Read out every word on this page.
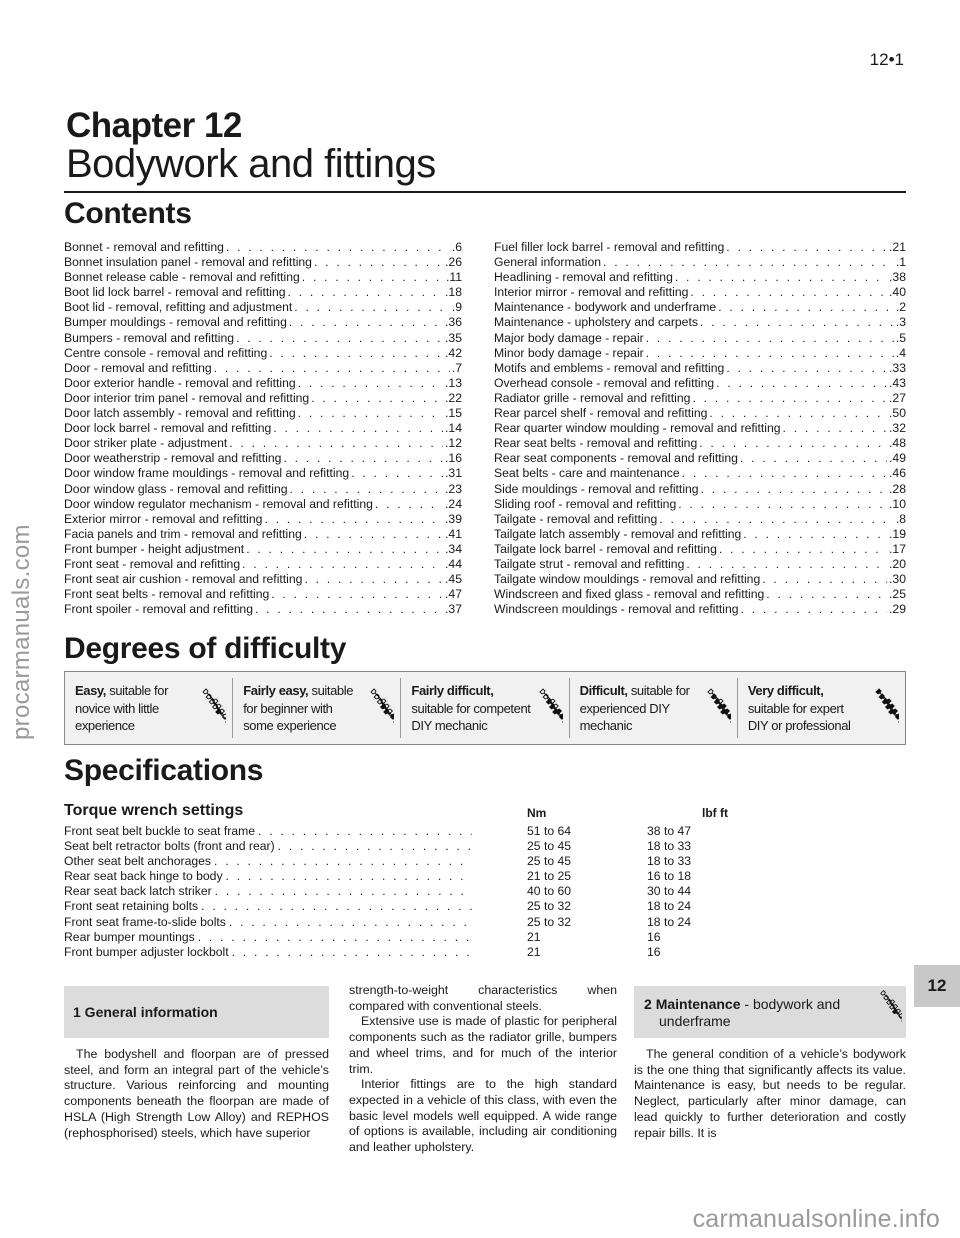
12•1
Chapter 12
Bodywork and fittings
Contents
Bonnet - removal and refitting . . .	.6
Bonnet insulation panel - removal and refitting . . .	.26
Bonnet release cable - removal and refitting . . .	.11
Boot lid lock barrel - removal and refitting . . .	.18
Boot lid - removal, refitting and adjustment . . .	.9
Bumper mouldings - removal and refitting . . .	.36
Bumpers - removal and refitting . . .	.35
Centre console - removal and refitting . . .	.42
Door - removal and refitting . . .	.7
Door exterior handle - removal and refitting . . .	.13
Door interior trim panel - removal and refitting . . .	.22
Door latch assembly - removal and refitting . . .	.15
Door lock barrel - removal and refitting . . .	.14
Door striker plate - adjustment . . .	.12
Door weatherstrip - removal and refitting . . .	.16
Door window frame mouldings - removal and refitting . . .	.31
Door window glass - removal and refitting . . .	.23
Door window regulator mechanism - removal and refitting . . .	.24
Exterior mirror - removal and refitting . . .	.39
Facia panels and trim - removal and refitting . . .	.41
Front bumper - height adjustment . . .	.34
Front seat - removal and refitting . . .	.44
Front seat air cushion - removal and refitting . . .	.45
Front seat belts - removal and refitting . . .	.47
Front spoiler - removal and refitting . . .	.37
Fuel filler lock barrel - removal and refitting . . .	.21
General information . . .	.1
Headlining - removal and refitting . . .	.38
Interior mirror - removal and refitting . . .	.40
Maintenance - bodywork and underframe . . .	.2
Maintenance - upholstery and carpets . . .	.3
Major body damage - repair . . .	.5
Minor body damage - repair . . .	.4
Motifs and emblems - removal and refitting . . .	.33
Overhead console - removal and refitting . . .	.43
Radiator grille - removal and refitting . . .	.27
Rear parcel shelf - removal and refitting . . .	.50
Rear quarter window moulding - removal and refitting . . .	.32
Rear seat belts - removal and refitting . . .	.48
Rear seat components - removal and refitting . . .	.49
Seat belts - care and maintenance . . .	.46
Side mouldings - removal and refitting . . .	.28
Sliding roof - removal and refitting . . .	.10
Tailgate - removal and refitting . . .	.8
Tailgate latch assembly - removal and refitting . . .	.19
Tailgate lock barrel - removal and refitting . . .	.17
Tailgate strut - removal and refitting . . .	.20
Tailgate window mouldings - removal and refitting . . .	.30
Windscreen and fixed glass - removal and refitting . . .	.25
Windscreen mouldings - removal and refitting . . .	.29
Degrees of difficulty
Easy, suitable for
novice with little
experience
Fairly easy, suitable
for beginner with
some experience
Fairly difficult,
suitable for competent
DIY mechanic
Difficult, suitable for
experienced DIY
mechanic
Very difficult,
suitable for expert
DIY or professional
Specifications
Torque wrench settings	Nm	lbf ft
Front seat belt buckle to seat frame . . .	51 to 64	38 to 47
Seat belt retractor bolts (front and rear) . . .	25 to 45	18 to 33
Other seat belt anchorages . . .	25 to 45	18 to 33
Rear seat back hinge to body . . .	21 to 25	16 to 18
Rear seat back latch striker . . .	40 to 60	30 to 44
Front seat retaining bolts . . .	25 to 32	18 to 24
Front seat frame-to-slide bolts . . .	25 to 32	18 to 24
Rear bumper mountings . . .	21	16
Front bumper adjuster lockbolt . . .	21	16
1 General information

The bodyshell and floorpan are of pressed steel, and form an integral part of the vehicle’s structure. Various reinforcing and mounting components beneath the floorpan are made of HSLA (High Strength Low Alloy) and REPHOS (rephosphorised) steels, which have superior

strength-to-weight characteristics when compared with conventional steels.

Extensive use is made of plastic for peripheral components such as the radiator grille, bumpers and wheel trims, and for much of the interior trim.

Interior fittings are to the high standard expected in a vehicle of this class, with even the basic level models well equipped. A wide range of options is available, including air conditioning and leather upholstery.

2 Maintenance - bodywork and
underframe

The general condition of a vehicle’s bodywork is the one thing that significantly affects its value. Maintenance is easy, but needs to be regular. Neglect, particularly after minor damage, can lead quickly to further deterioration and costly repair bills. It is

12
procarmanuals.com
carmanualsonline.info
